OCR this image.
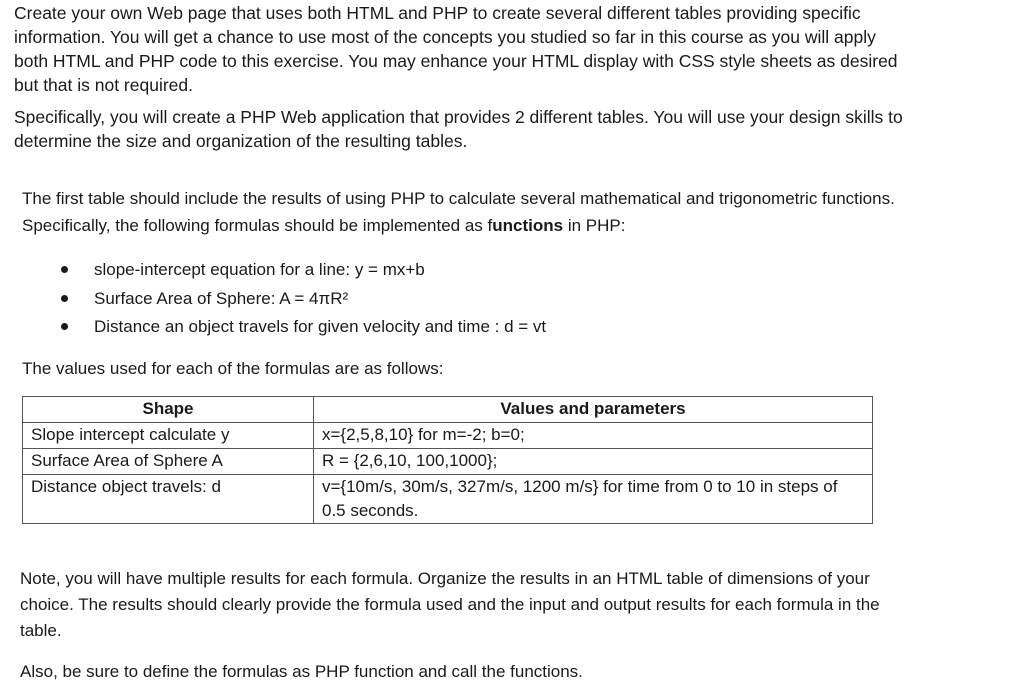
Create your own Web page that uses both HTML and PHP to create several different tables providing specific information. You will get a chance to use most of the concepts you studied so far in this course as you will apply both HTML and PHP code to this exercise. You may enhance your HTML display with CSS style sheets as desired but that is not required.

Specifically, you will create a PHP Web application that provides 2 different tables. You will use your design skills to determine the size and organization of the resulting tables.

The first table should include the results of using PHP to calculate several mathematical and trigonometric functions. Specifically, the following formulas should be implemented as functions in PHP:

slope-intercept equation for a line: y = mx+b
Surface Area of Sphere: A = 4πR²
Distance an object travels for given velocity and time : d = vt

The values used for each of the formulas are as follows:

Shape	Values and parameters
Slope intercept calculate y	x={2,5,8,10} for m=-2; b=0;
Surface Area of Sphere A	R = {2,6,10, 100,1000};
Distance object travels: d	v={10m/s, 30m/s, 327m/s, 1200 m/s} for time from 0 to 10 in steps of 0.5 seconds.

Note, you will have multiple results for each formula. Organize the results in an HTML table of dimensions of your choice. The results should clearly provide the formula used and the input and output results for each formula in the table.

Also, be sure to define the formulas as PHP function and call the functions.
